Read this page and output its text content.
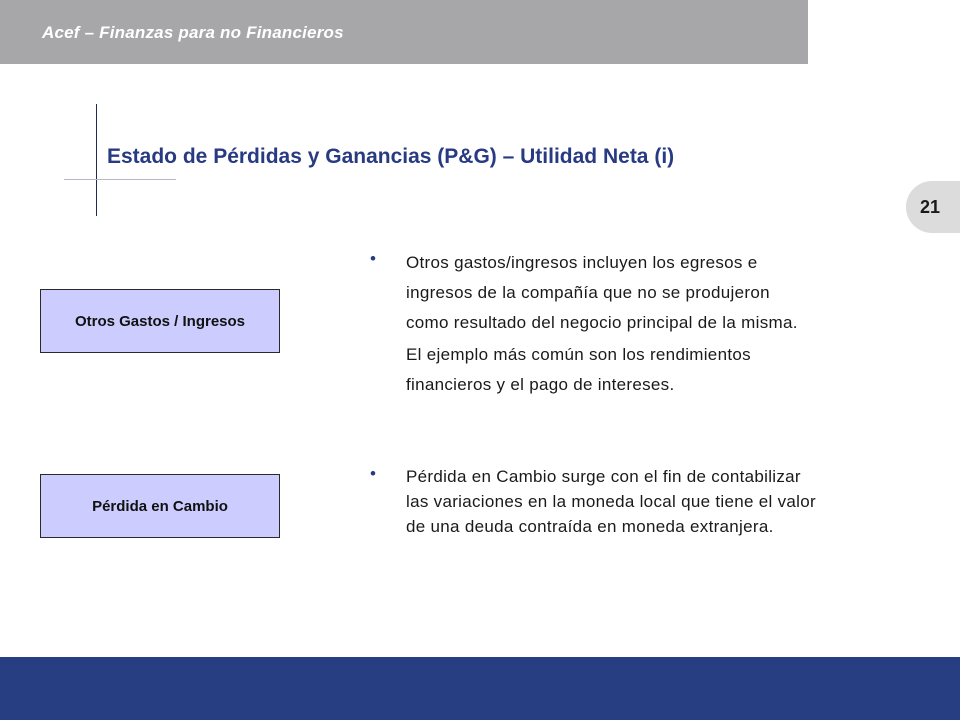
Acef – Finanzas para no Financieros
Estado de Pérdidas y Ganancias (P&G) – Utilidad Neta (i)
21
Otros Gastos / Ingresos
Pérdida en Cambio
• Otros gastos/ingresos incluyen los egresos e
ingresos de la compañía que no se produjeron
como resultado del negocio principal de la misma.
El ejemplo más común son los rendimientos
financieros y el pago de intereses.
• Pérdida en Cambio surge con el fin de contabilizar
las variaciones en la moneda local que tiene el valor
de una deuda contraída en moneda extranjera.
